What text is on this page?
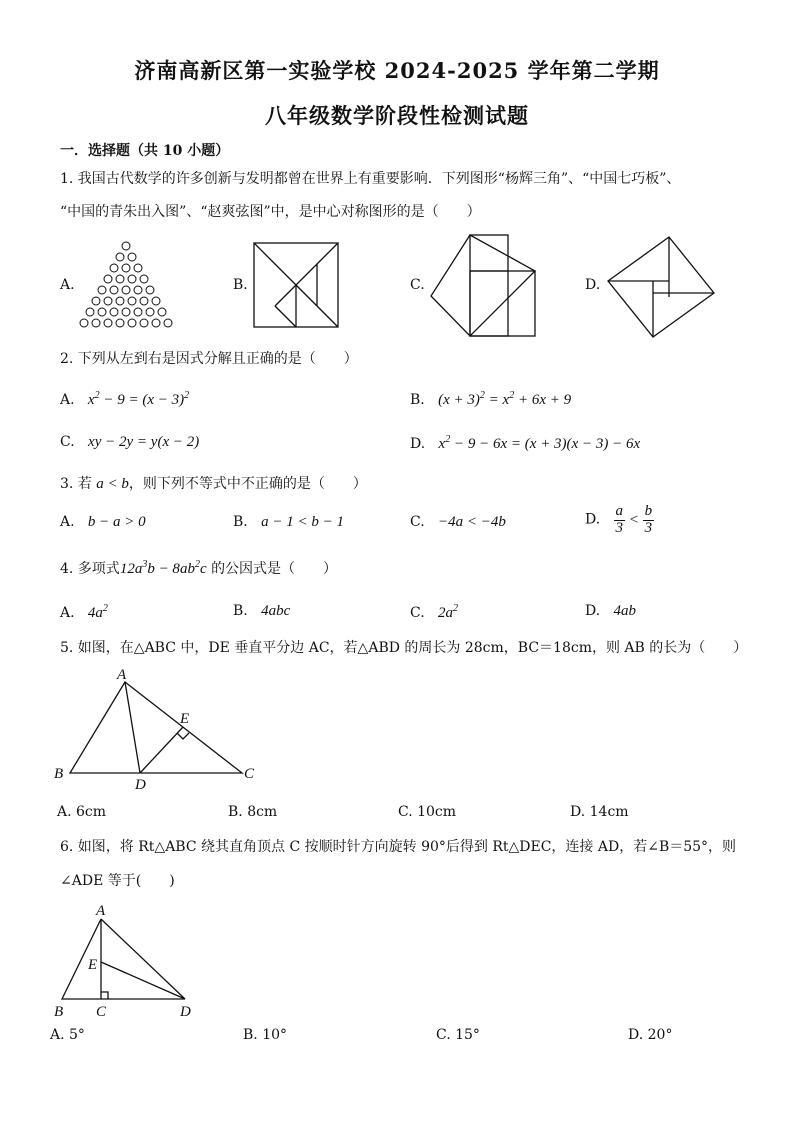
济南高新区第一实验学校 2024-2025 学年第二学期
八年级数学阶段性检测试题
一．选择题（共 10 小题）
1. 我国古代数学的许多创新与发明都曾在世界上有重要影响．下列图形“杨辉三角”、“中国七巧板”、
“中国的青朱出入图”、“赵爽弦图”中，是中心对称图形的是（　　）
A.	B.	C.	D.
2. 下列从左到右是因式分解且正确的是（　　）
A. $x^2 - 9 = (x - 3)^2$	B. $(x + 3)^2 = x^2 + 6x + 9$
C. xy − 2y = y(x − 2)	D. $x^2 - 9 - 6x = (x + 3)(x - 3) - 6x$
3. 若 a < b，则下列不等式中不正确的是（　　）
A. b − a > 0	B. a − 1 < b − 1	C. −4a < −4b	D. $\frac{a}{3} < \frac{b}{3}$
4. 多项式$12a^3b - 8ab^2c$ 的公因式是（　　）
A. $4a^2$	B. 4abc	C. $2a^2$	D. 4ab
5. 如图，在△ABC 中，DE 垂直平分边 AC，若△ABD 的周长为 28cm，BC＝18cm，则 AB 的长为（　　）
A
B	C
D
E
A. 6cm	B. 8cm	C. 10cm	D. 14cm
6. 如图，将 Rt△ABC 绕其直角顶点 C 按顺时针方向旋转 90°后得到 Rt△DEC，连接 AD，若∠B＝55°，则
∠ADE 等于(　　)
A
B C	D
E
A. 5°	B. 10°	C. 15°	D. 20°
